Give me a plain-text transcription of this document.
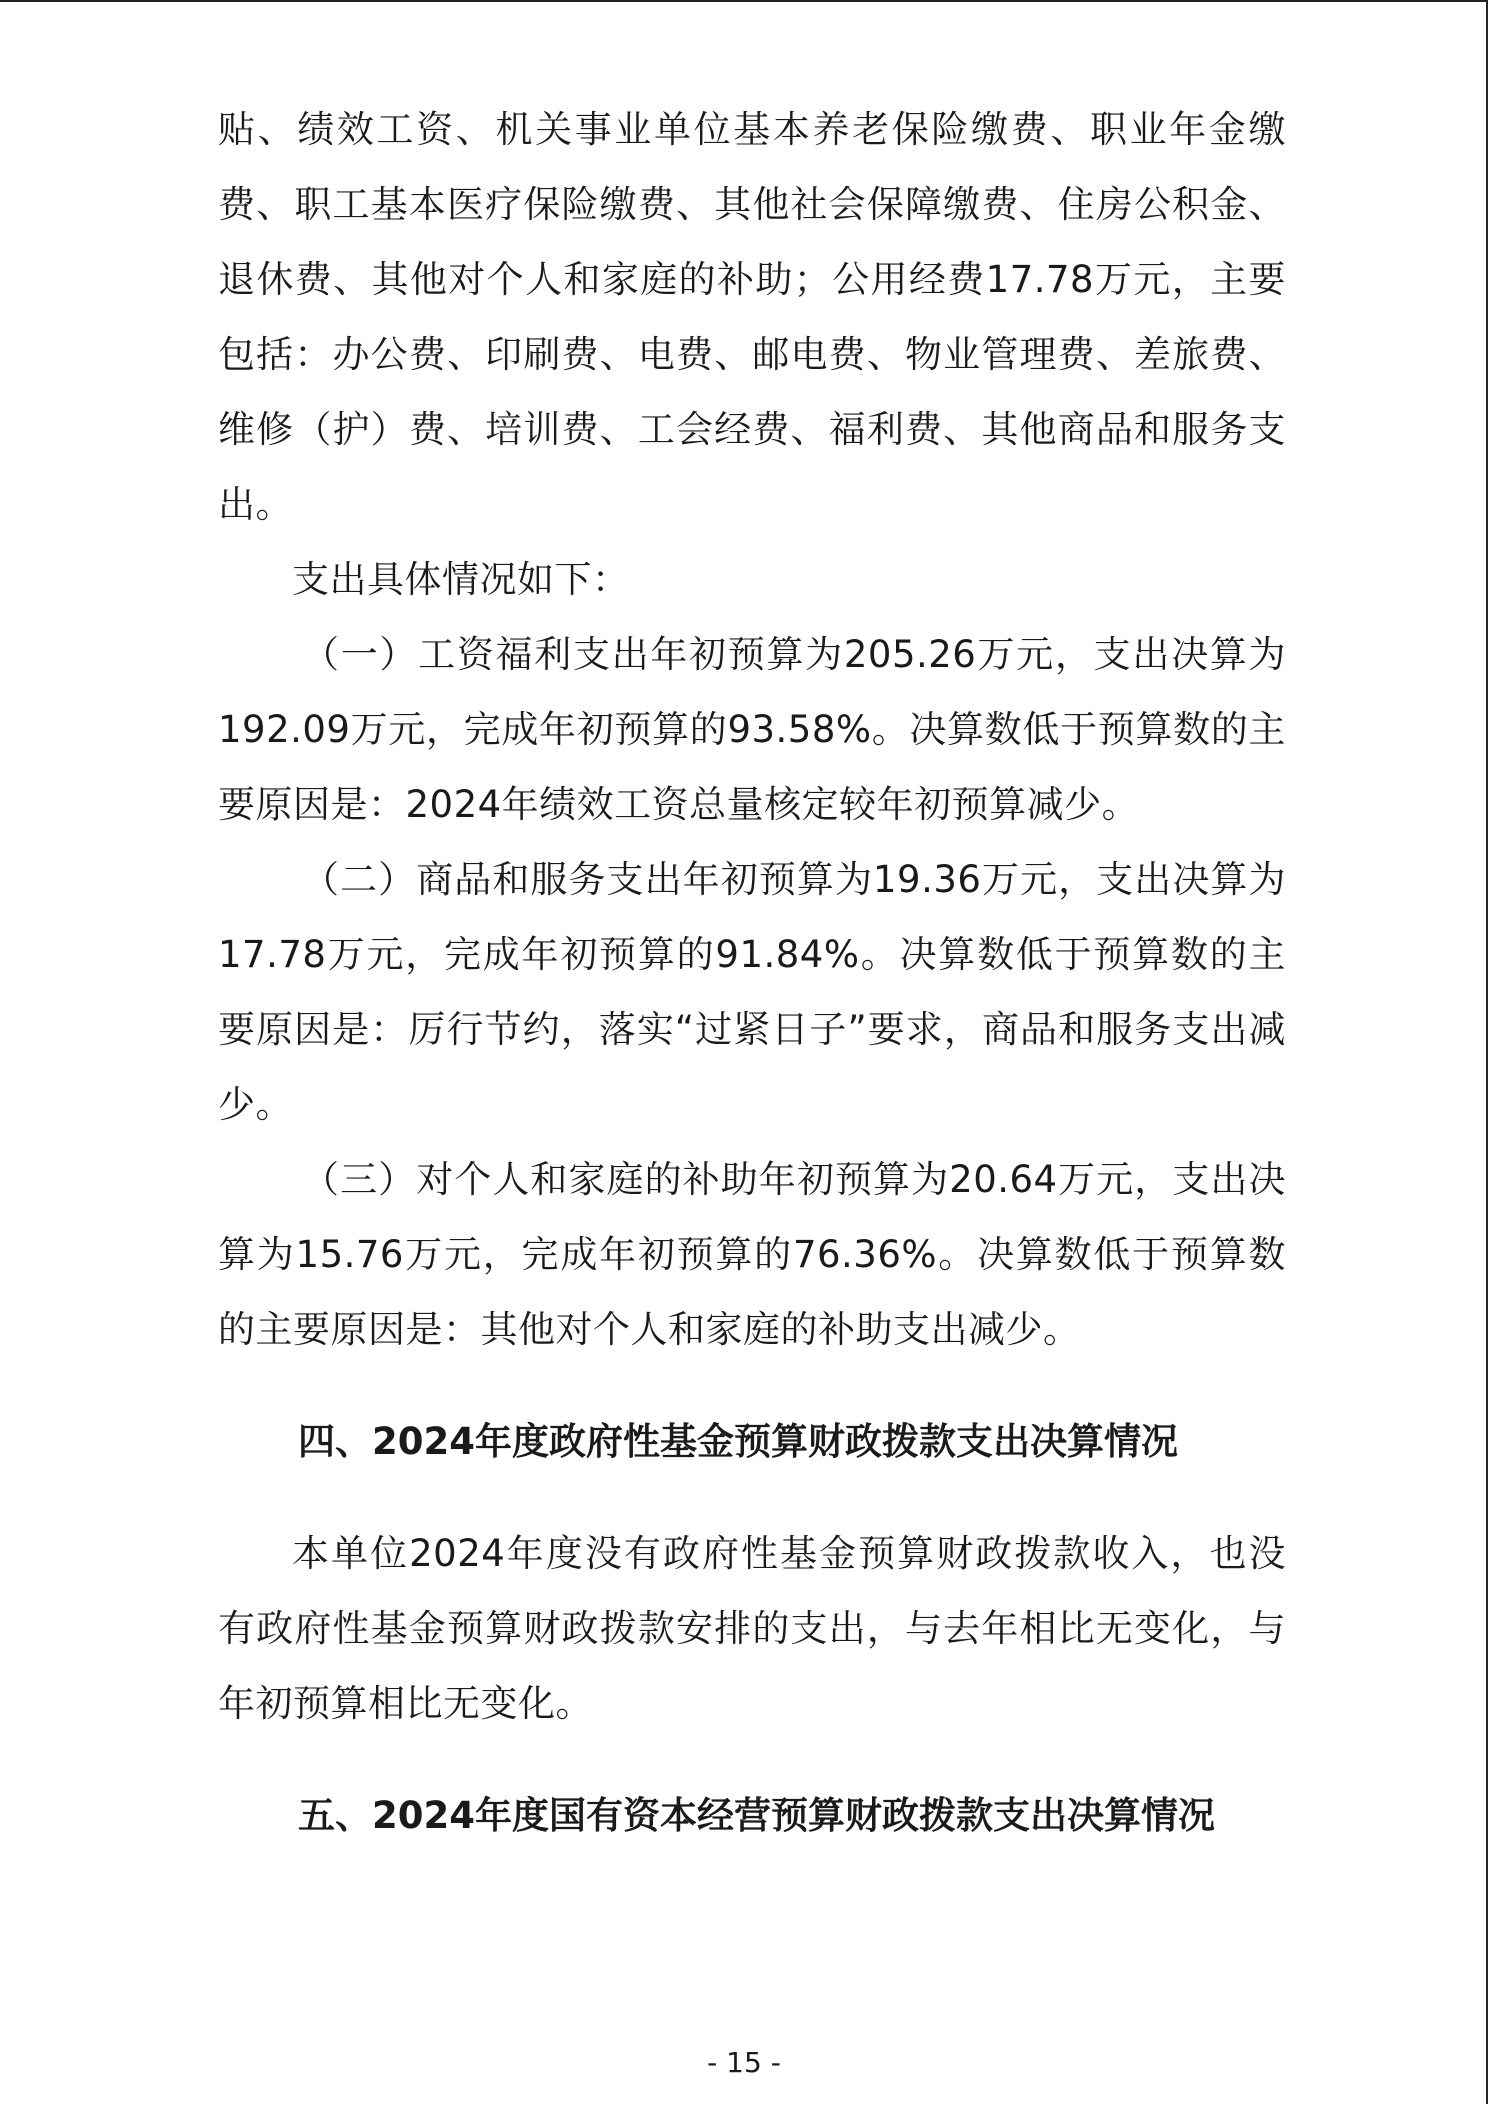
贴、绩效工资、机关事业单位基本养老保险缴费、职业年金缴费、职工基本医疗保险缴费、其他社会保障缴费、住房公积金、退休费、其他对个人和家庭的补助；公用经费17.78万元，主要包括：办公费、印刷费、电费、邮电费、物业管理费、差旅费、维修（护）费、培训费、工会经费、福利费、其他商品和服务支出。

支出具体情况如下：

（一）工资福利支出年初预算为205.26万元，支出决算为192.09万元，完成年初预算的93.58%。决算数低于预算数的主要原因是：2024年绩效工资总量核定较年初预算减少。

（二）商品和服务支出年初预算为19.36万元，支出决算为17.78万元，完成年初预算的91.84%。决算数低于预算数的主要原因是：厉行节约，落实“过紧日子”要求，商品和服务支出减少。

（三）对个人和家庭的补助年初预算为20.64万元，支出决算为15.76万元，完成年初预算的76.36%。决算数低于预算数的主要原因是：其他对个人和家庭的补助支出减少。

四、2024年度政府性基金预算财政拨款支出决算情况

本单位2024年度没有政府性基金预算财政拨款收入，也没有政府性基金预算财政拨款安排的支出，与去年相比无变化，与年初预算相比无变化。

五、2024年度国有资本经营预算财政拨款支出决算情况
- 15 -
